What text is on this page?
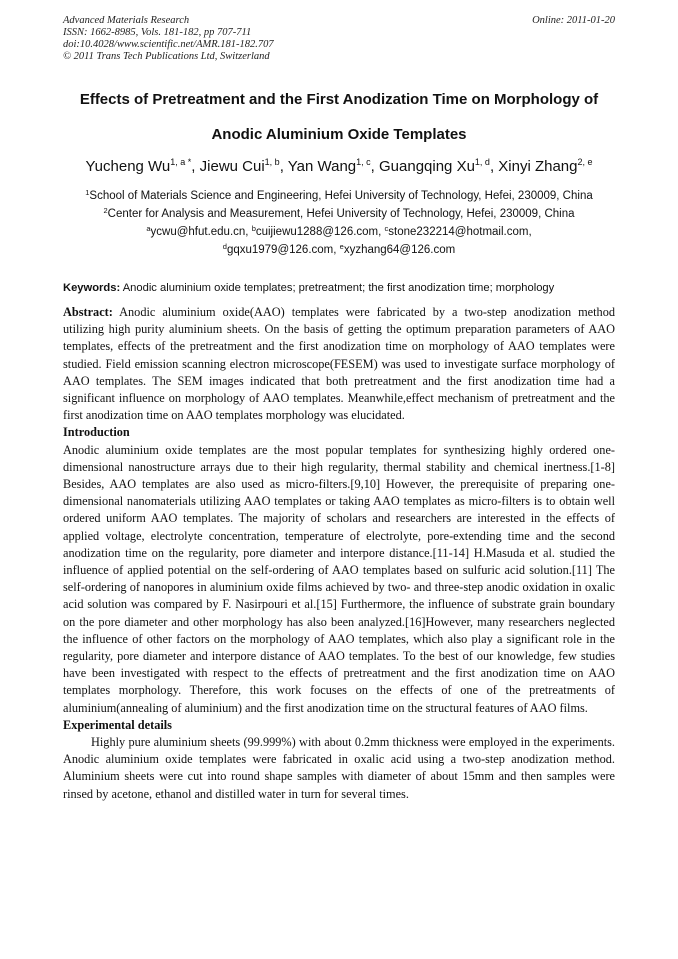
Advanced Materials Research
ISSN: 1662-8985, Vols. 181-182, pp 707-711
doi:10.4028/www.scientific.net/AMR.181-182.707
© 2011 Trans Tech Publications Ltd, Switzerland
Online: 2011-01-20
Effects of Pretreatment and the First Anodization Time on Morphology of
Anodic Aluminium Oxide Templates
Yucheng $Wu^{1, a *}$, Jiewu Cui$^{1, b}$, Yan Wang$^{1, c}$, Guangqing Xu$^{1, d}$, Xinyi Zhang$^{2, e}$
$^1$School of Materials Science and Engineering, Hefei University of Technology, Hefei, 230009, China
$^2$Center for Analysis and Measurement, Hefei University of Technology, Hefei, 230009, China
$^a$ycwu@hfut.edu.cn, $^b$cuijiewu1288@126.com, $^c$stone232214@hotmail.com,
$^d$gqxu1979@126.com, $^e$xyzhang64@126.com
Keywords: Anodic aluminium oxide templates; pretreatment; the first anodization time; morphology

Abstract: Anodic aluminium oxide(AAO) templates were fabricated by a two-step anodization method utilizing high purity aluminium sheets. On the basis of getting the optimum preparation parameters of AAO templates, effects of the pretreatment and the first anodization time on morphology of AAO templates were studied. Field emission scanning electron microscope(FESEM) was used to investigate surface morphology of AAO templates. The SEM images indicated that both pretreatment and the first anodization time had a significant influence on morphology of AAO templates. Meanwhile,effect mechanism of pretreatment and the first anodization time on AAO templates morphology was elucidated.

Introduction

Anodic aluminium oxide templates are the most popular templates for synthesizing highly ordered one-dimensional nanostructure arrays due to their high regularity, thermal stability and chemical inertness.[1-8] Besides, AAO templates are also used as micro-filters.[9,10] However, the prerequisite of preparing one-dimensional nanomaterials utilizing AAO templates or taking AAO templates as micro-filters is to obtain well ordered uniform AAO templates. The majority of scholars and researchers are interested in the effects of applied voltage, electrolyte concentration, temperature of electrolyte, pore-extending time and the second anodization time on the regularity, pore diameter and interpore distance.[11-14] H.Masuda et al. studied the influence of applied potential on the self-ordering of AAO templates based on sulfuric acid solution.[11] The self-ordering of nanopores in aluminium oxide films achieved by two- and three-step anodic oxidation in oxalic acid solution was compared by F. Nasirpouri et al.[15] Furthermore, the influence of substrate grain boundary on the pore diameter and other morphology has also been analyzed.[16]However, many researchers neglected the influence of other factors on the morphology of AAO templates, which also play a significant role in the regularity, pore diameter and interpore distance of AAO templates. To the best of our knowledge, few studies have been investigated with respect to the effects of pretreatment and the first anodization time on AAO templates morphology. Therefore, this work focuses on the effects of one of the pretreatments of aluminium(annealing of aluminium) and the first anodization time on the structural features of AAO films.

Experimental details

Highly pure aluminium sheets (99.999%) with about 0.2mm thickness were employed in the experiments. Anodic aluminium oxide templates were fabricated in oxalic acid using a two-step anodization method. Aluminium sheets were cut into round shape samples with diameter of about 15mm and then samples were rinsed by acetone, ethanol and distilled water in turn for several times.
